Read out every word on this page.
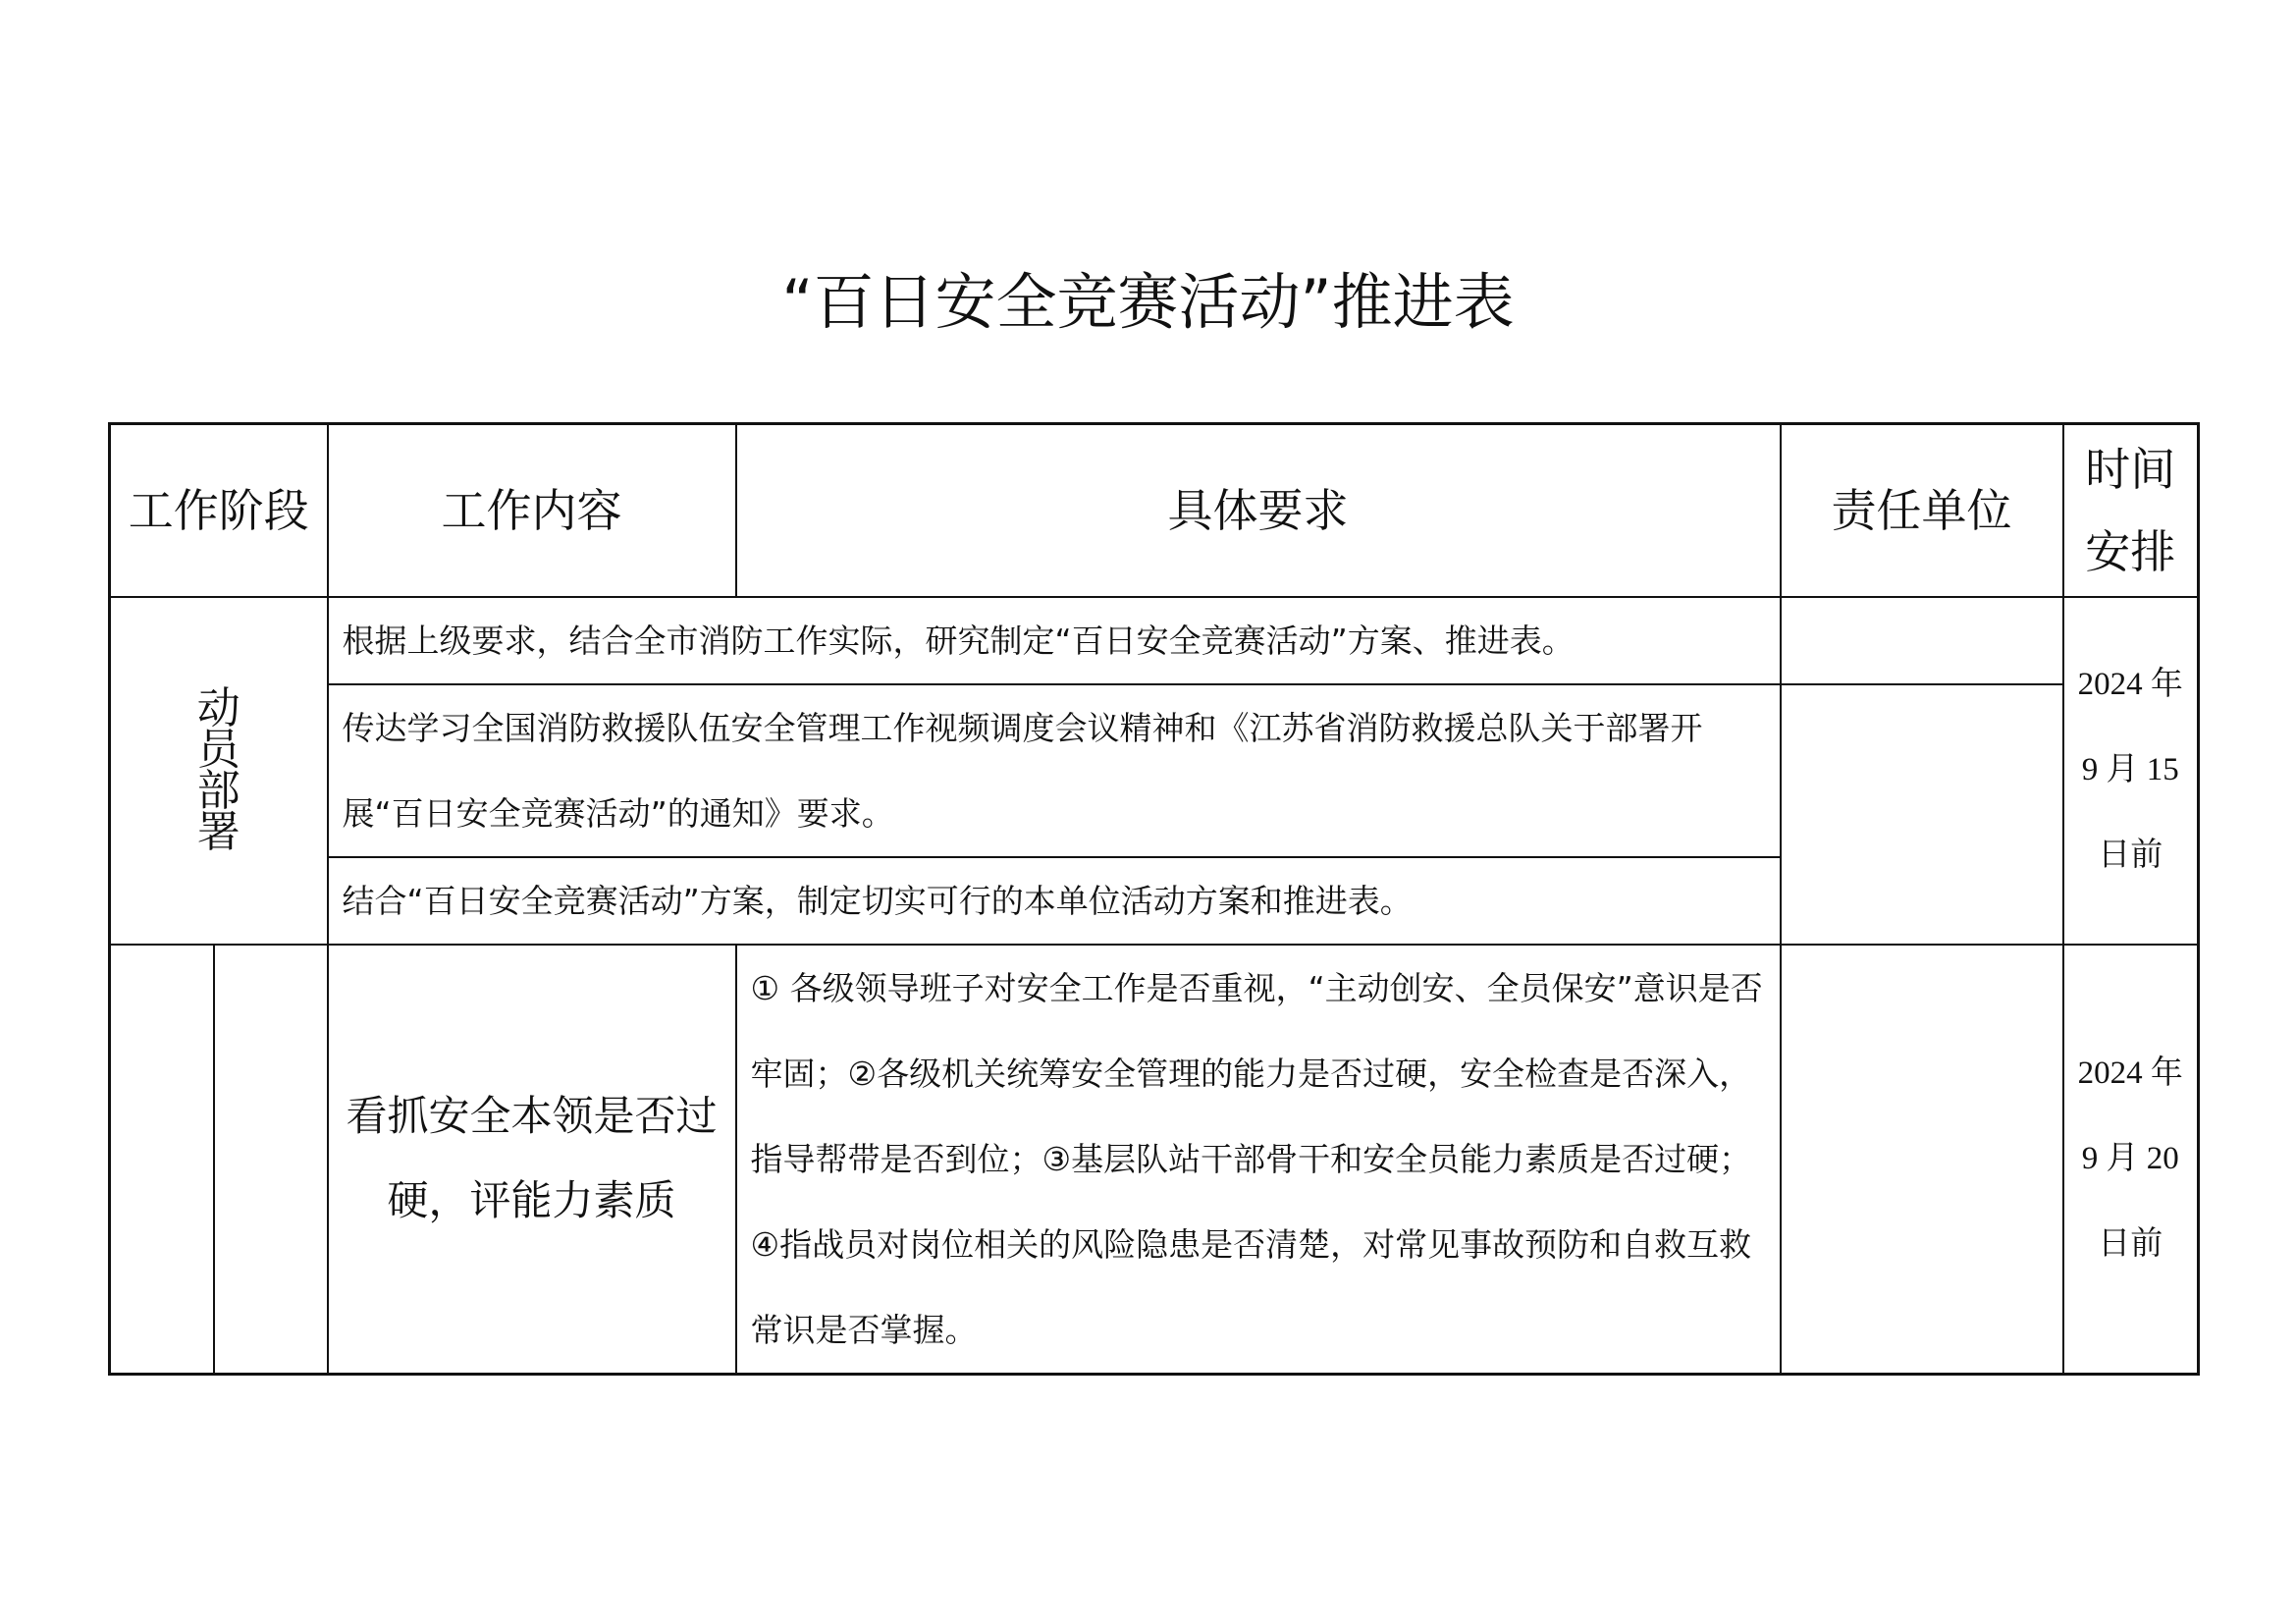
“百日安全竞赛活动”推进表
工作阶段		工作内容	具体要求	责任单位	时间
安排

动
员
部
署		根据上级要求，结合全市消防工作实际，研究制定“百日安全竞赛活动”方案、推进表。			2024 年
9 月 15
日前

		传达学习全国消防救援队伍安全管理工作视频调度会议精神和《江苏省消防救援总队关于部署开展“百日安全竞赛活动”的通知》要求。			
		结合“百日安全竞赛活动”方案，制定切实可行的本单位活动方案和推进表。			
		看抓安全本领是否过硬，评能力素质	① 各级领导班子对安全工作是否重视，“主动创安、全员保安”意识是否牢固；②各级机关统筹安全管理的能力是否过硬，安全检查是否深入，指导帮带是否到位；③基层队站干部骨干和安全员能力素质是否过硬；④指战员对岗位相关的风险隐患是否清楚，对常见事故预防和自救互救常识是否掌握。		2024 年
9 月 20
日前
